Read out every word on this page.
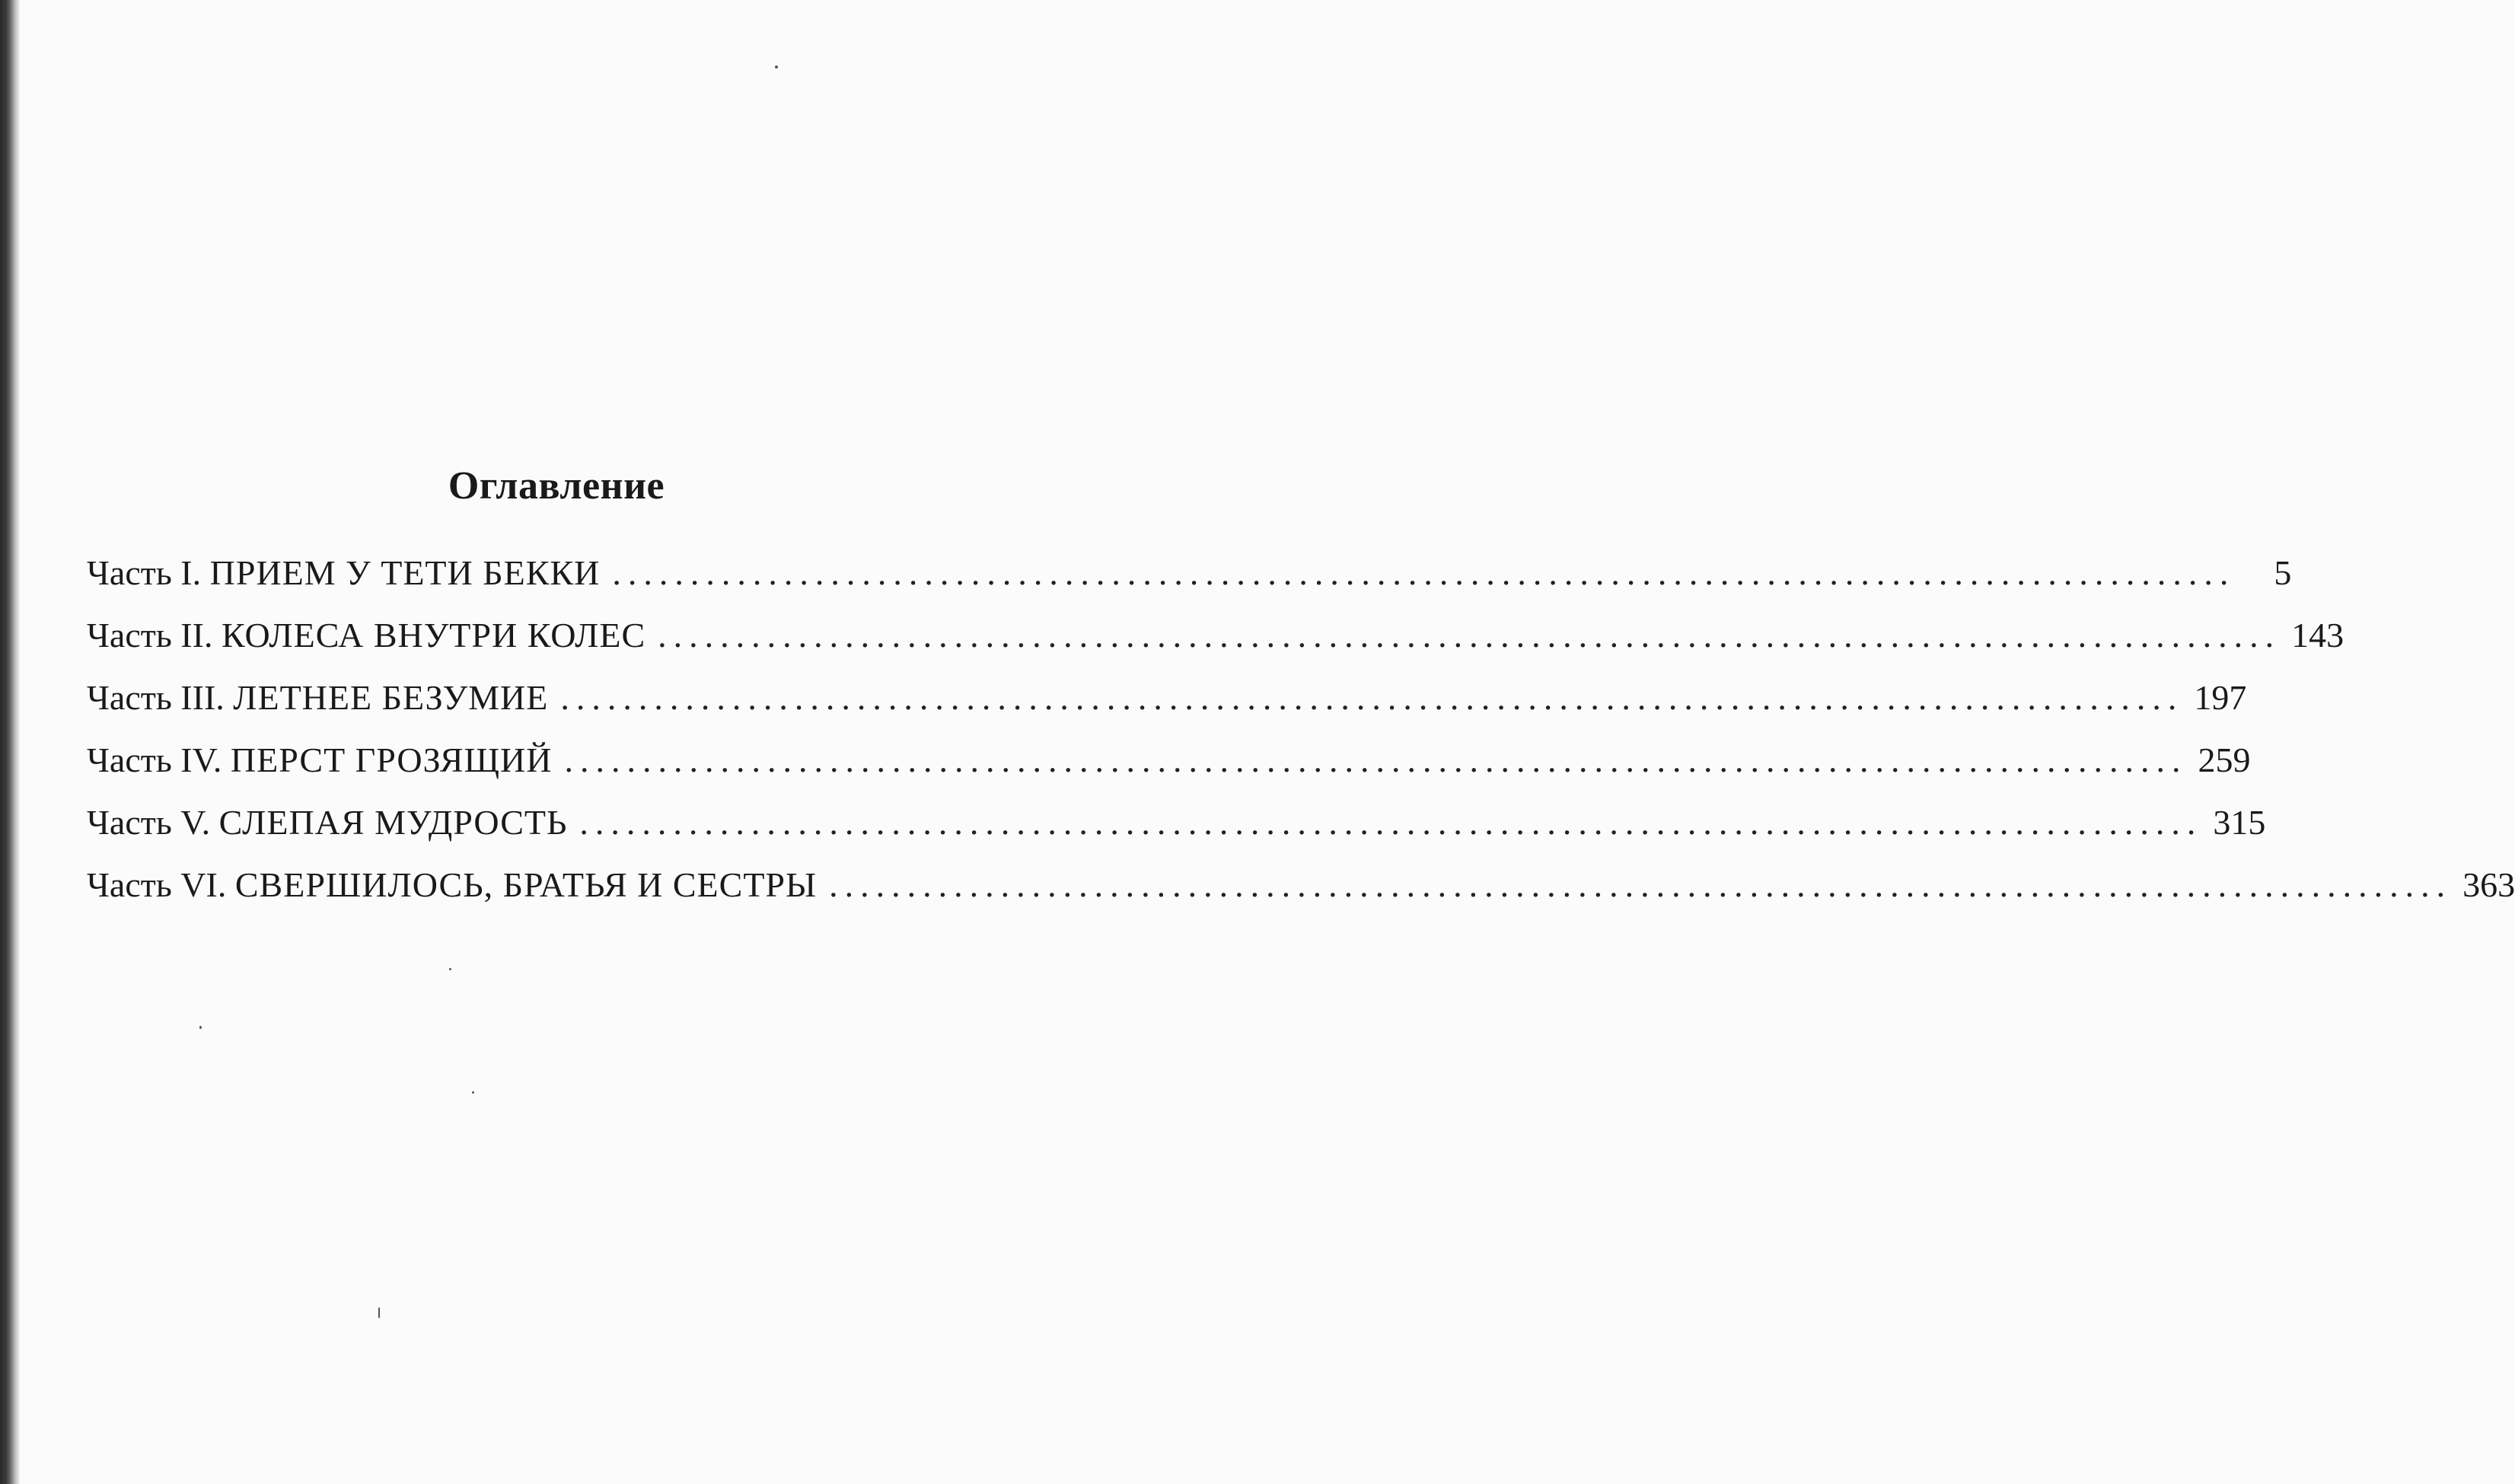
Оглавление
Часть I. ПРИЕМ У ТЕТИ БЕККИ ........................................................................................................	5
Часть II. КОЛЕСА ВНУТРИ КОЛЕС ........................................................................................................ 143
Часть III. ЛЕТНЕЕ БЕЗУМИЕ ........................................................................................................ 197
Часть IV. ПЕРСТ ГРОЗЯЩИЙ ........................................................................................................ 259
Часть V. СЛЕПАЯ МУДРОСТЬ ........................................................................................................ 315
Часть VI. СВЕРШИЛОСЬ, БРАТЬЯ И СЕСТРЫ ........................................................................................................ 363
